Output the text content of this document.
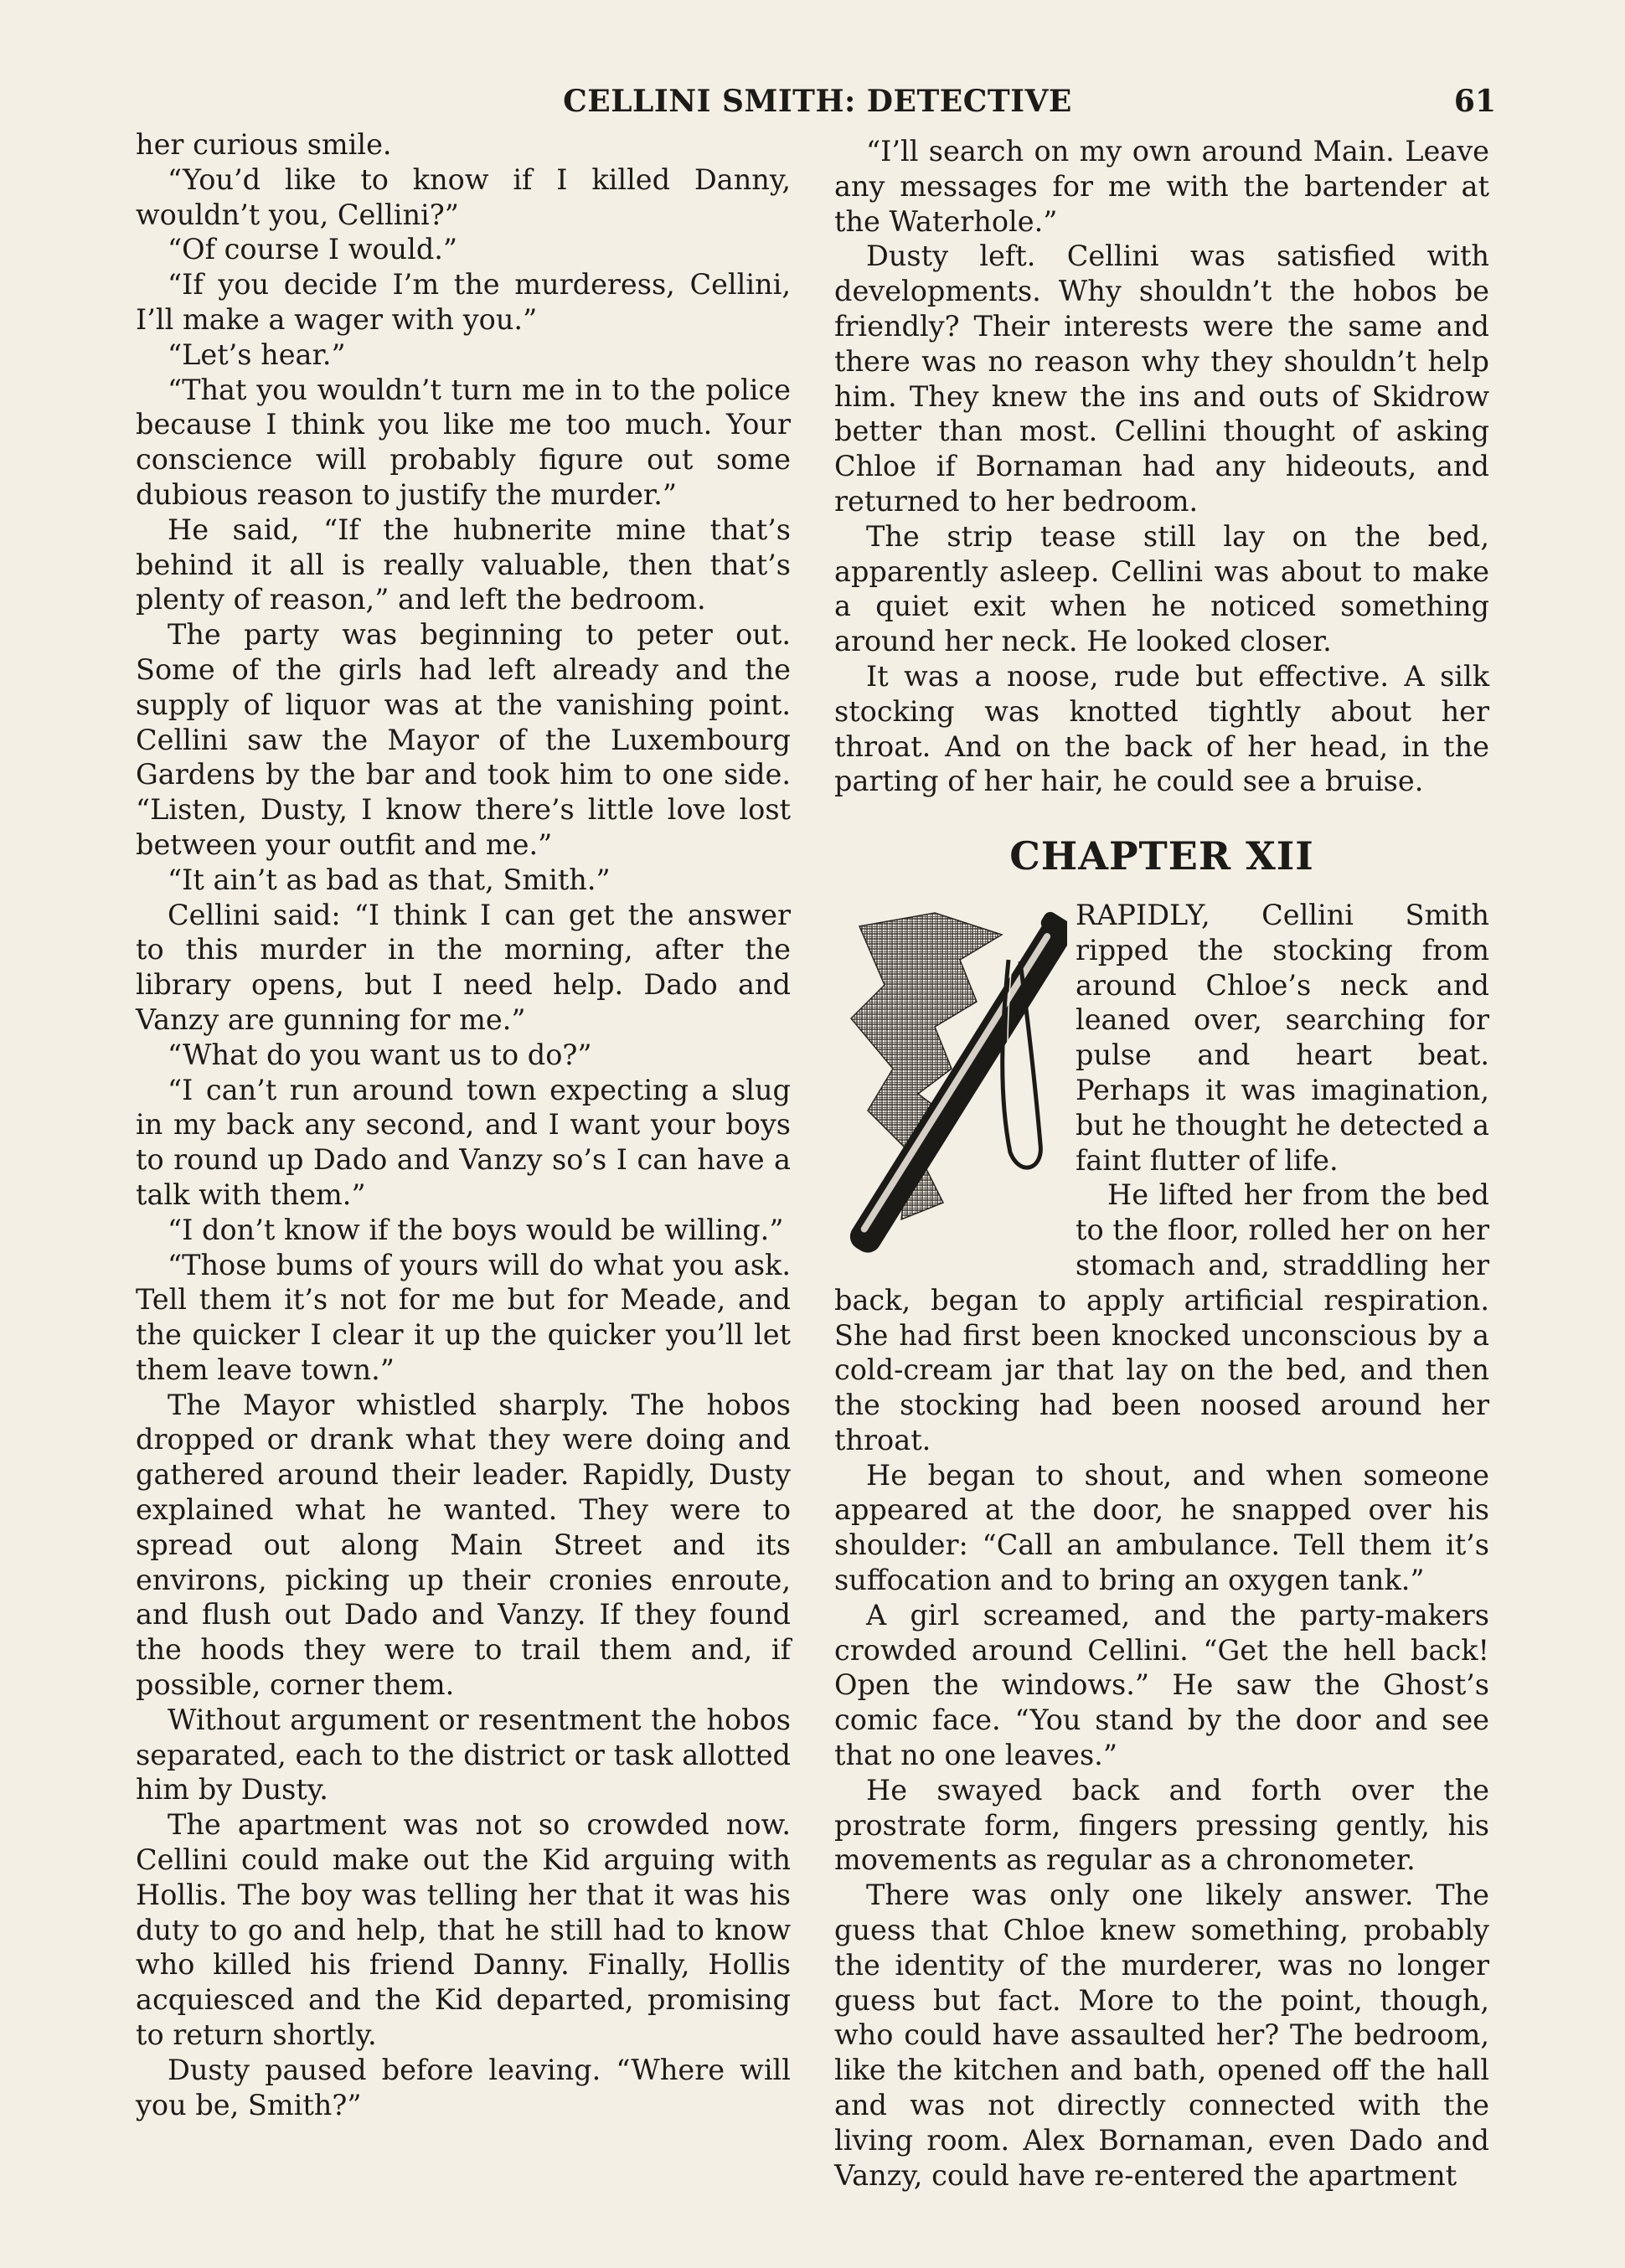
CELLINI SMITH: DETECTIVE	61

her curious smile.

“You’d like to know if I killed Danny, wouldn’t you, Cellini?”

“Of course I would.”

“If you decide I’m the murderess, Cellini, I’ll make a wager with you.”

“Let’s hear.”

“That you wouldn’t turn me in to the police because I think you like me too much. Your conscience will probably figure out some dubious reason to justify the murder.”

He said, “If the hubnerite mine that’s behind it all is really valuable, then that’s plenty of reason,” and left the bedroom.

The party was beginning to peter out. Some of the girls had left already and the supply of liquor was at the vanishing point. Cellini saw the Mayor of the Luxembourg Gardens by the bar and took him to one side. “Listen, Dusty, I know there’s little love lost between your outfit and me.”

“It ain’t as bad as that, Smith.”

Cellini said: “I think I can get the answer to this murder in the morning, after the library opens, but I need help. Dado and Vanzy are gunning for me.”

“What do you want us to do?”

“I can’t run around town expecting a slug in my back any second, and I want your boys to round up Dado and Vanzy so’s I can have a talk with them.”

“I don’t know if the boys would be willing.”

“Those bums of yours will do what you ask. Tell them it’s not for me but for Meade, and the quicker I clear it up the quicker you’ll let them leave town.”

The Mayor whistled sharply. The hobos dropped or drank what they were doing and gathered around their leader. Rapidly, Dusty explained what he wanted. They were to spread out along Main Street and its environs, picking up their cronies enroute, and flush out Dado and Vanzy. If they found the hoods they were to trail them and, if possible, corner them.

Without argument or resentment the hobos separated, each to the district or task allotted him by Dusty.

The apartment was not so crowded now. Cellini could make out the Kid arguing with Hollis. The boy was telling her that it was his duty to go and help, that he still had to know who killed his friend Danny. Finally, Hollis acquiesced and the Kid departed, promising to return shortly.

Dusty paused before leaving. “Where will you be, Smith?”

“I’ll search on my own around Main. Leave any messages for me with the bartender at the Waterhole.”

Dusty left. Cellini was satisfied with developments. Why shouldn’t the hobos be friendly? Their interests were the same and there was no reason why they shouldn’t help him. They knew the ins and outs of Skidrow better than most. Cellini thought of asking Chloe if Bornaman had any hideouts, and returned to her bedroom.

The strip tease still lay on the bed, apparently asleep. Cellini was about to make a quiet exit when he noticed something around her neck. He looked closer.

It was a noose, rude but effective. A silk stocking was knotted tightly about her throat. And on the back of her head, in the parting of her hair, he could see a bruise.

CHAPTER XII

RAPIDLY, Cellini Smith ripped the stocking from around Chloe’s neck and leaned over, searching for pulse and heart beat. Perhaps it was imagination, but he thought he detected a faint flutter of life.

He lifted her from the bed to the floor, rolled her on her stomach and, straddling her back, began to apply artificial respiration. She had first been knocked unconscious by a cold-cream jar that lay on the bed, and then the stocking had been noosed around her throat.

He began to shout, and when someone appeared at the door, he snapped over his shoulder: “Call an ambulance. Tell them it’s suffocation and to bring an oxygen tank.”

A girl screamed, and the party-makers crowded around Cellini. “Get the hell back! Open the windows.” He saw the Ghost’s comic face. “You stand by the door and see that no one leaves.”

He swayed back and forth over the prostrate form, fingers pressing gently, his movements as regular as a chronometer.

There was only one likely answer. The guess that Chloe knew something, probably the identity of the murderer, was no longer guess but fact. More to the point, though, who could have assaulted her? The bedroom, like the kitchen and bath, opened off the hall and was not directly connected with the living room. Alex Bornaman, even Dado and Vanzy, could have re-entered the apartment
